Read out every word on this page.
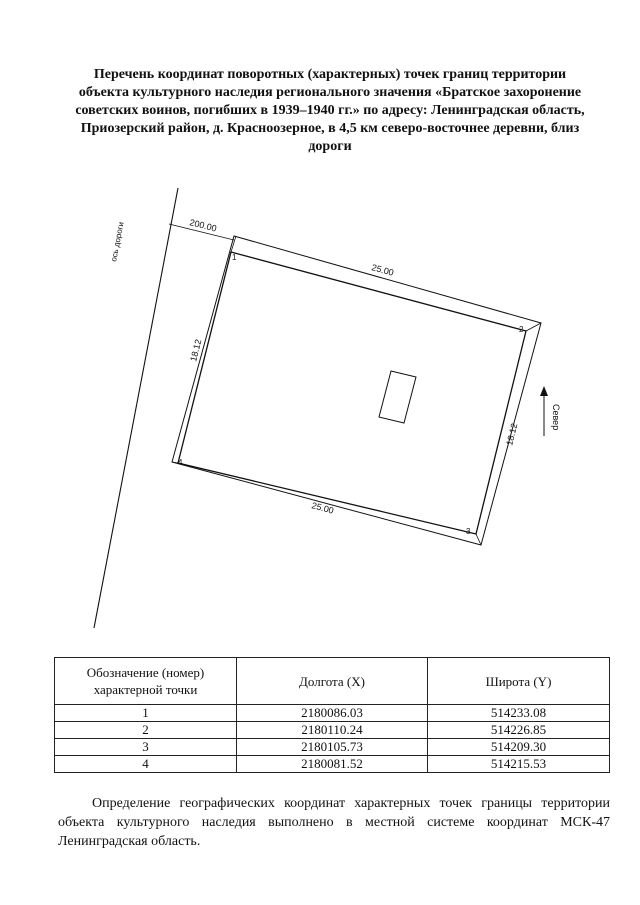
Перечень координат поворотных (характерных) точек границ территории
объекта культурного наследия регионального значения «Братское захоронение
советских воинов, погибших в 1939–1940 гг.» по адресу: Ленинградская область,
Приозерский район, д. Красноозерное, в 4,5 км северо-восточнее деревни, близ
дороги
ось дороги	200.00
25.00
18.12
18.12
25.00
1
2
3
4
Север
Обозначение (номер) характерной точки	Долгота (X)	Широта (Y)
1	2180086.03	514233.08
2	2180110.24	514226.85
3	2180105.73	514209.30
4	2180081.52	514215.53
Определение географических координат характерных точек границы территории объекта культурного наследия выполнено в местной системе координат МСК-47 Ленинградская область.
